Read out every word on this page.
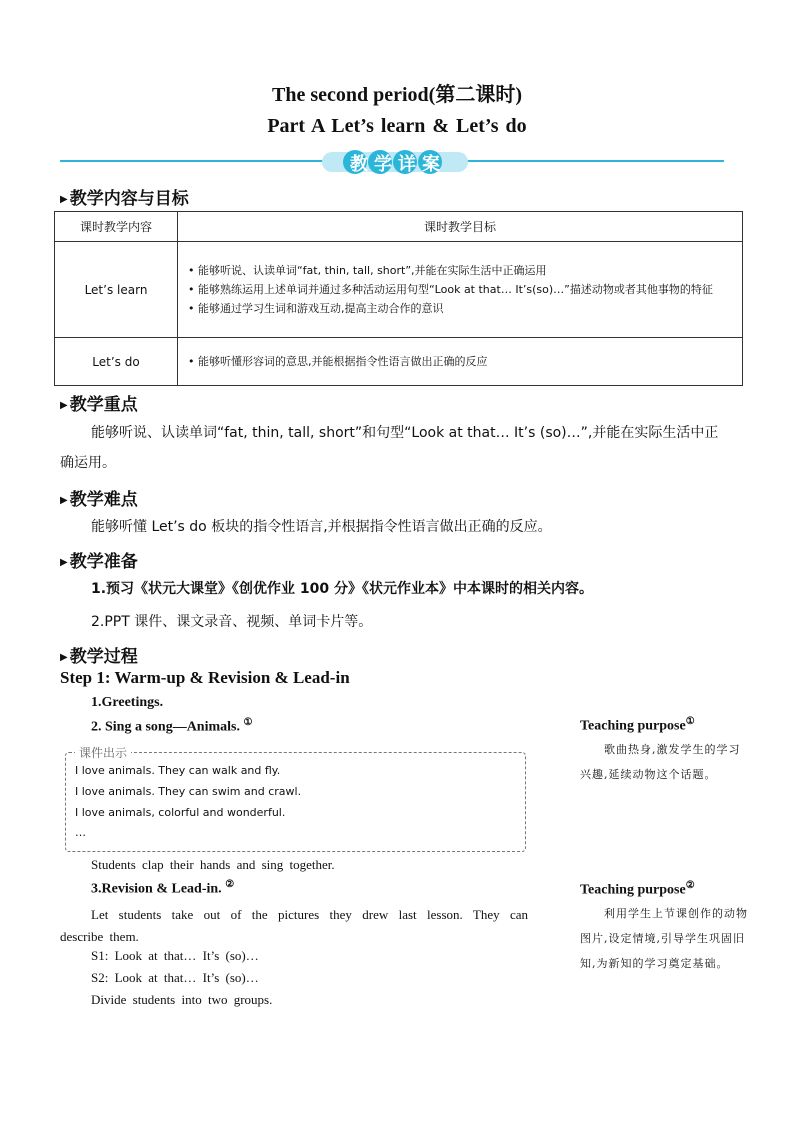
The second period(第二课时)
Part A Let’s learn & Let’s do
教学详案
▶ 教学内容与目标
课时教学内容	课时教学目标
Let’s learn	• 能够听说、认读单词“fat, thin, tall, short”,并能在实际生活中正确运用
• 能够熟练运用上述单词并通过多种活动运用句型“Look at that… It’s(so)…”描述动物或者其他事物的特征
• 能够通过学习生词和游戏互动,提高主动合作的意识

Let’s do	• 能够听懂形容词的意思,并能根据指令性语言做出正确的反应
▶ 教学重点
能够听说、认读单词“fat, thin, tall, short”和句型“Look at that… It’s (so)…”,并能在实际生活中正确运用。
▶ 教学难点
能够听懂 Let’s do 板块的指令性语言,并根据指令性语言做出正确的反应。
▶ 教学准备
1.预习《状元大课堂》《创优作业 100 分》《状元作业本》中本课时的相关内容。
2.PPT 课件、课文录音、视频、单词卡片等。
▶ 教学过程
Step 1: Warm-up & Revision & Lead-in
1.Greetings.
2. Sing a song—Animals. ①
课件出示
I love animals. They can walk and fly.
I love animals. They can swim and crawl.
I love animals, colorful and wonderful.
…
Students clap their hands and sing together.
3.Revision & Lead-in. ②
Let students take out of the pictures they drew last lesson. They can describe them.
S1: Look at that… It’s (so)…
S2: Look at that… It’s (so)…
Divide students into two groups.
Teaching purpose①
歌曲热身,激发学生的学习兴趣,延续动物这个话题。
Teaching purpose②
利用学生上节课创作的动物图片,设定情境,引导学生巩固旧知,为新知的学习奠定基础。
